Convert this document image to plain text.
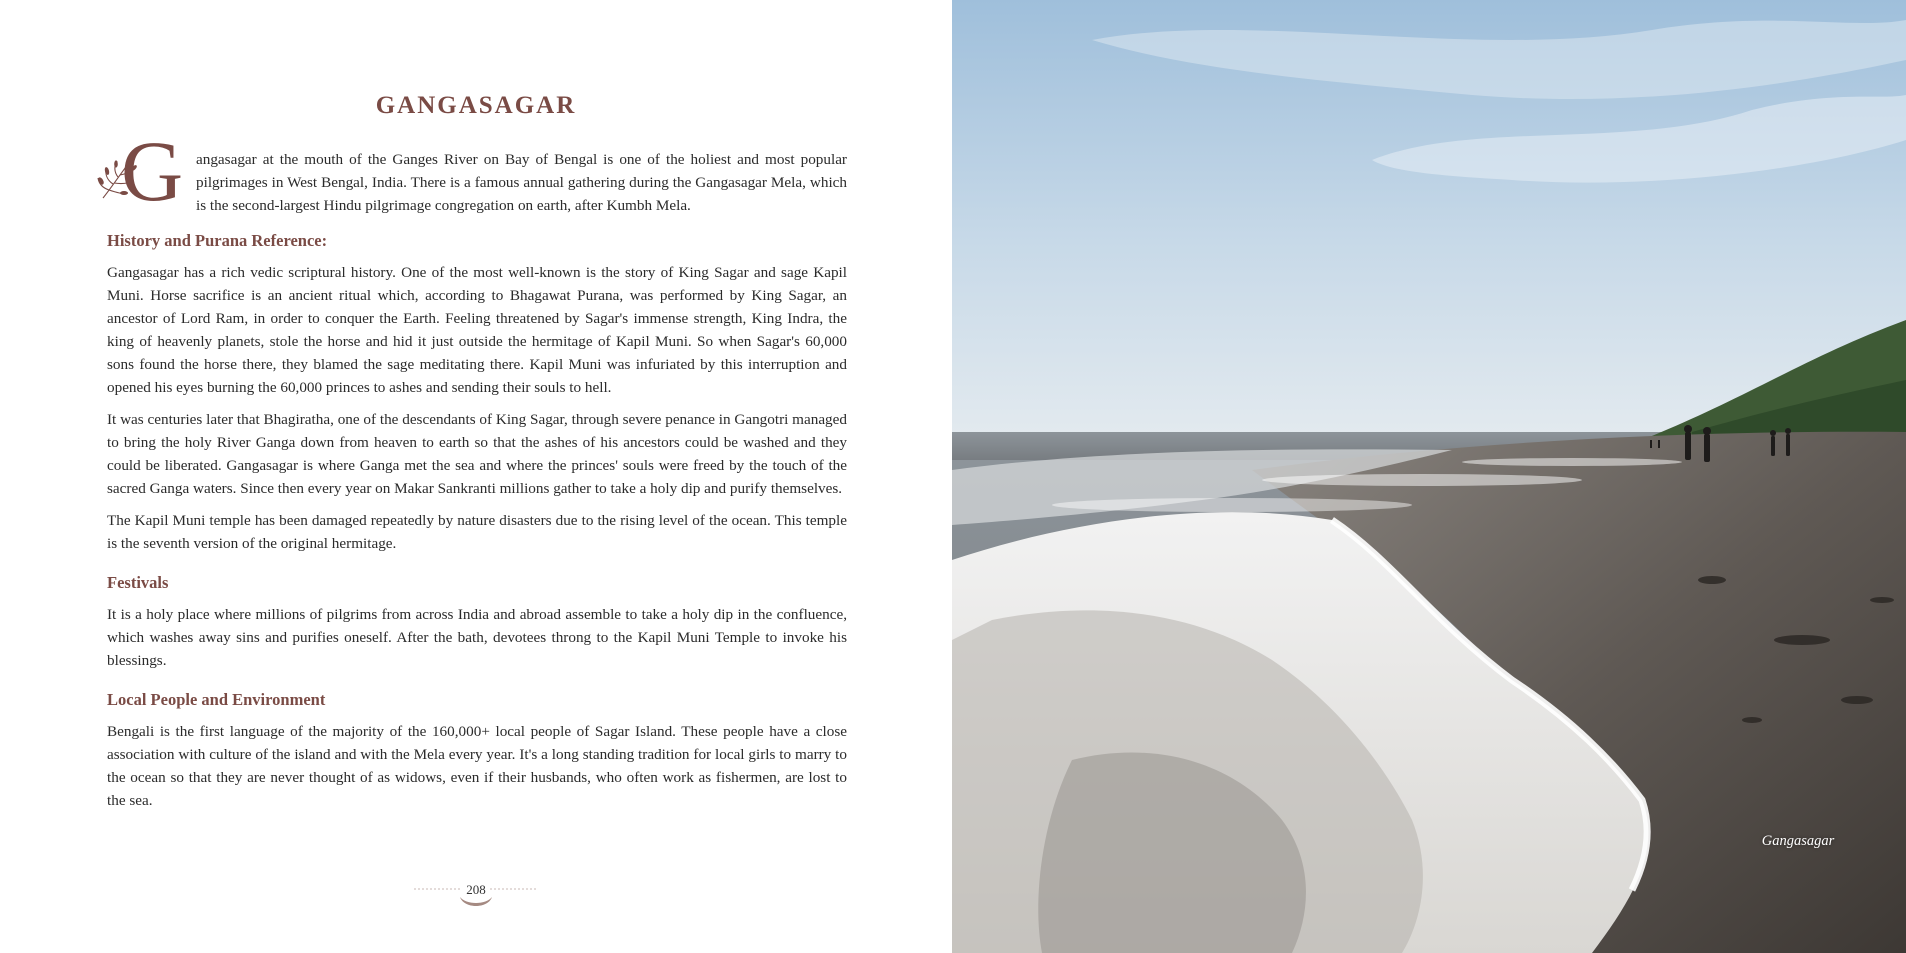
GANGASAGAR

G angasagar at the mouth of the Ganges River on Bay of Bengal is one of the holiest and most popular pilgrimages in West Bengal, India. There is a famous annual gathering during the Gangasagar Mela, which is the second-largest Hindu pilgrimage congregation on earth, after Kumbh Mela.

History and Purana Reference:

Gangasagar has a rich vedic scriptural history. One of the most well-known is the story of King Sagar and sage Kapil Muni. Horse sacrifice is an ancient ritual which, according to Bhagawat Purana, was performed by King Sagar, an ancestor of Lord Ram, in order to conquer the Earth. Feeling threatened by Sagar's immense strength, King Indra, the king of heavenly planets, stole the horse and hid it just outside the hermitage of Kapil Muni. So when Sagar's 60,000 sons found the horse there, they blamed the sage meditating there. Kapil Muni was infuriated by this interruption and opened his eyes burning the 60,000 princes to ashes and sending their souls to hell.

It was centuries later that Bhagiratha, one of the descendants of King Sagar, through severe penance in Gangotri managed to bring the holy River Ganga down from heaven to earth so that the ashes of his ancestors could be washed and they could be liberated. Gangasagar is where Ganga met the sea and where the princes' souls were freed by the touch of the sacred Ganga waters. Since then every year on Makar Sankranti millions gather to take a holy dip and purify themselves.

The Kapil Muni temple has been damaged repeatedly by nature disasters due to the rising level of the ocean. This temple is the seventh version of the original hermitage.

Festivals

It is a holy place where millions of pilgrims from across India and abroad assemble to take a holy dip in the confluence, which washes away sins and purifies oneself. After the bath, devotees throng to the Kapil Muni Temple to invoke his blessings.

Local People and Environment

Bengali is the first language of the majority of the 160,000+ local people of Sagar Island. These people have a close association with culture of the island and with the Mela every year. It's a long standing tradition for local girls to marry to the ocean so that they are never thought of as widows, even if their husbands, who often work as fishermen, are lost to the sea.

208
Gangasagar
